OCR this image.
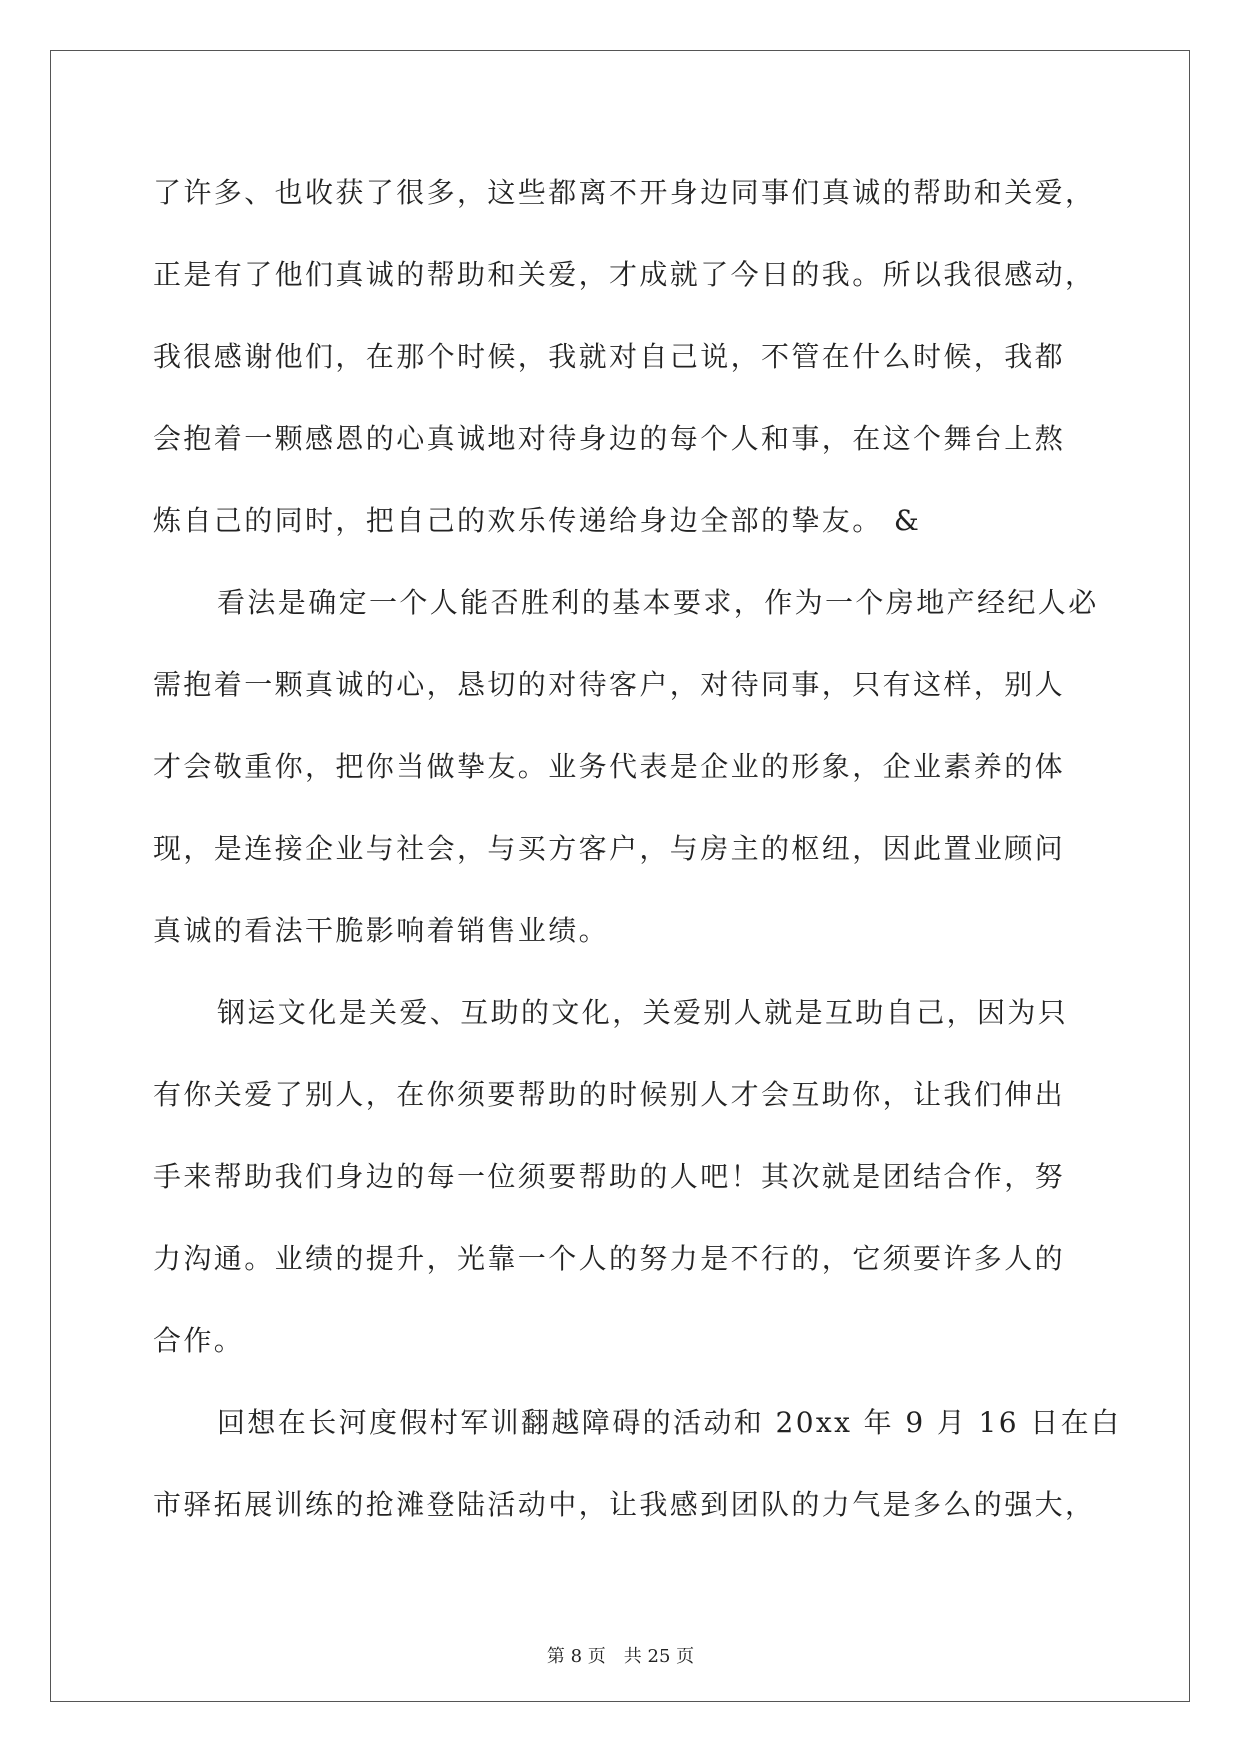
了许多、也收获了很多，这些都离不开身边同事们真诚的帮助和关爱，
正是有了他们真诚的帮助和关爱，才成就了今日的我。所以我很感动，
我很感谢他们，在那个时候，我就对自己说，不管在什么时候，我都
会抱着一颗感恩的心真诚地对待身边的每个人和事，在这个舞台上熬
炼自己的同时，把自己的欢乐传递给身边全部的挚友。 &
看法是确定一个人能否胜利的基本要求，作为一个房地产经纪人必
需抱着一颗真诚的心，恳切的对待客户，对待同事，只有这样，别人
才会敬重你，把你当做挚友。业务代表是企业的形象，企业素养的体
现，是连接企业与社会，与买方客户，与房主的枢纽，因此置业顾问
真诚的看法干脆影响着销售业绩。
钢运文化是关爱、互助的文化，关爱别人就是互助自己，因为只
有你关爱了别人，在你须要帮助的时候别人才会互助你，让我们伸出
手来帮助我们身边的每一位须要帮助的人吧！其次就是团结合作，努
力沟通。业绩的提升，光靠一个人的努力是不行的，它须要许多人的
合作。
回想在长河度假村军训翻越障碍的活动和 20xx 年 9 月 16 日在白
市驿拓展训练的抢滩登陆活动中，让我感到团队的力气是多么的强大，
第 8 页 共 25 页
